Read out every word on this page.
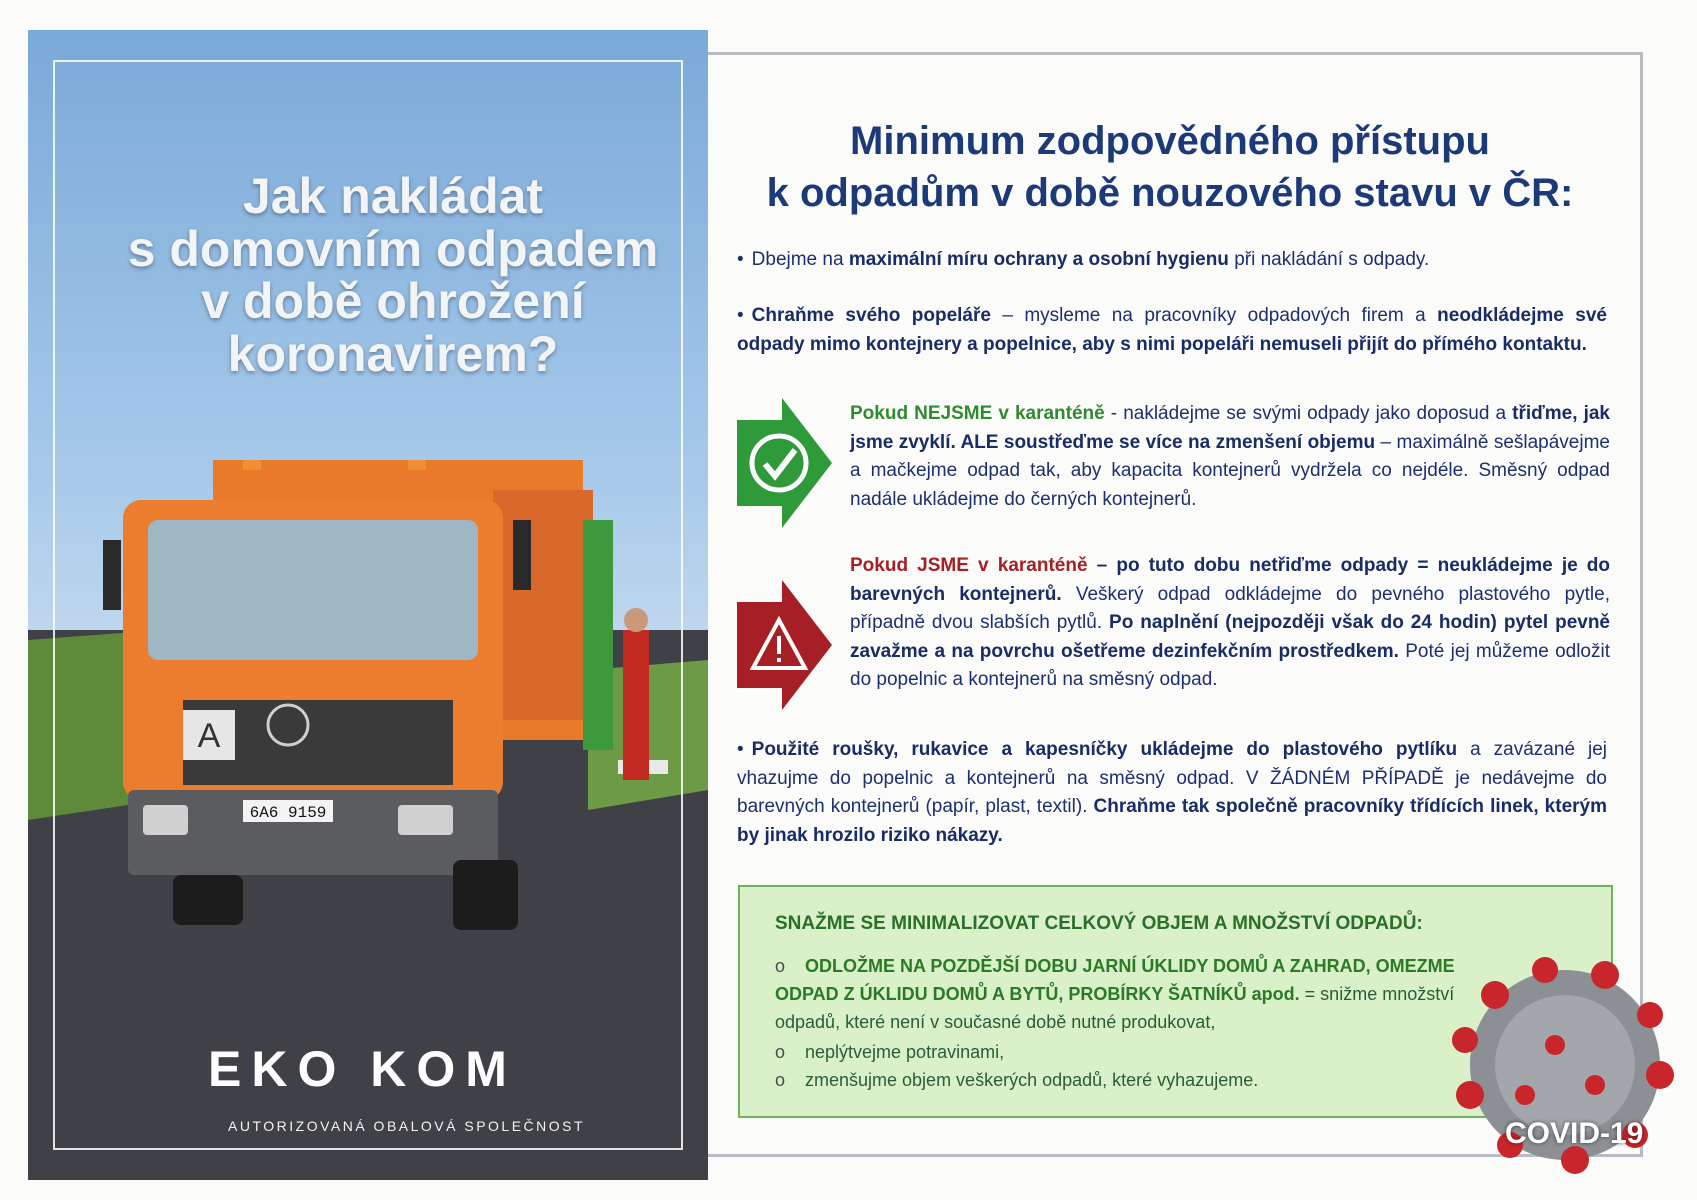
Jak nakládat
s domovním odpadem
v době ohrožení
koronavirem?
A
6A6 9159
EKO KOM
AUTORIZOVANÁ OBALOVÁ SPOLEČNOST
Minimum zodpovědného přístupu
k odpadům v době nouzového stavu v ČR:
• Dbejme na maximální míru ochrany a osobní hygienu při nakládání s odpady.
• Chraňme svého popeláře – mysleme na pracovníky odpadových firem a neodkládejme své odpady mimo kontejnery a popelnice, aby s nimi popeláři nemuseli přijít do přímého kontaktu.
Pokud NEJSME v karanténě - nakládejme se svými odpady jako doposud a třiďme, jak jsme zvyklí. ALE soustřeďme se více na zmenšení objemu – maximálně sešlapávejme a mačkejme odpad tak, aby kapacita kontejnerů vydržela co nejdéle. Směsný odpad nadále ukládejme do černých kontejnerů.
Pokud JSME v karanténě – po tuto dobu netřiďme odpady = neukládejme je do barevných kontejnerů. Veškerý odpad odkládejme do pevného plastového pytle, případně dvou slabších pytlů. Po naplnění (nejpozději však do 24 hodin) pytel pevně zavažme a na povrchu ošetřeme dezinfekčním prostředkem. Poté jej můžeme odložit do popelnic a kontejnerů na směsný odpad.
• Použité roušky, rukavice a kapesníčky ukládejme do plastového pytlíku a zavázané jej vhazujme do popelnic a kontejnerů na směsný odpad. V ŽÁDNÉM PŘÍPADĚ je nedávejme do barevných kontejnerů (papír, plast, textil). Chraňme tak společně pracovníky třídících linek, kterým by jinak hrozilo riziko nákazy.
SNAŽME SE MINIMALIZOVAT CELKOVÝ OBJEM A MNOŽSTVÍ ODPADŮ:
o ODLOŽME NA POZDĚJŠÍ DOBU JARNÍ ÚKLIDY DOMŮ A ZAHRAD, OMEZME ODPAD Z ÚKLIDU DOMŮ A BYTŮ, PROBÍRKY ŠATNÍKŮ apod. = snižme množství odpadů, které není v současné době nutné produkovat,
o neplýtvejme potravinami,
o zmenšujme objem veškerých odpadů, které vyhazujeme.
COVID-19
